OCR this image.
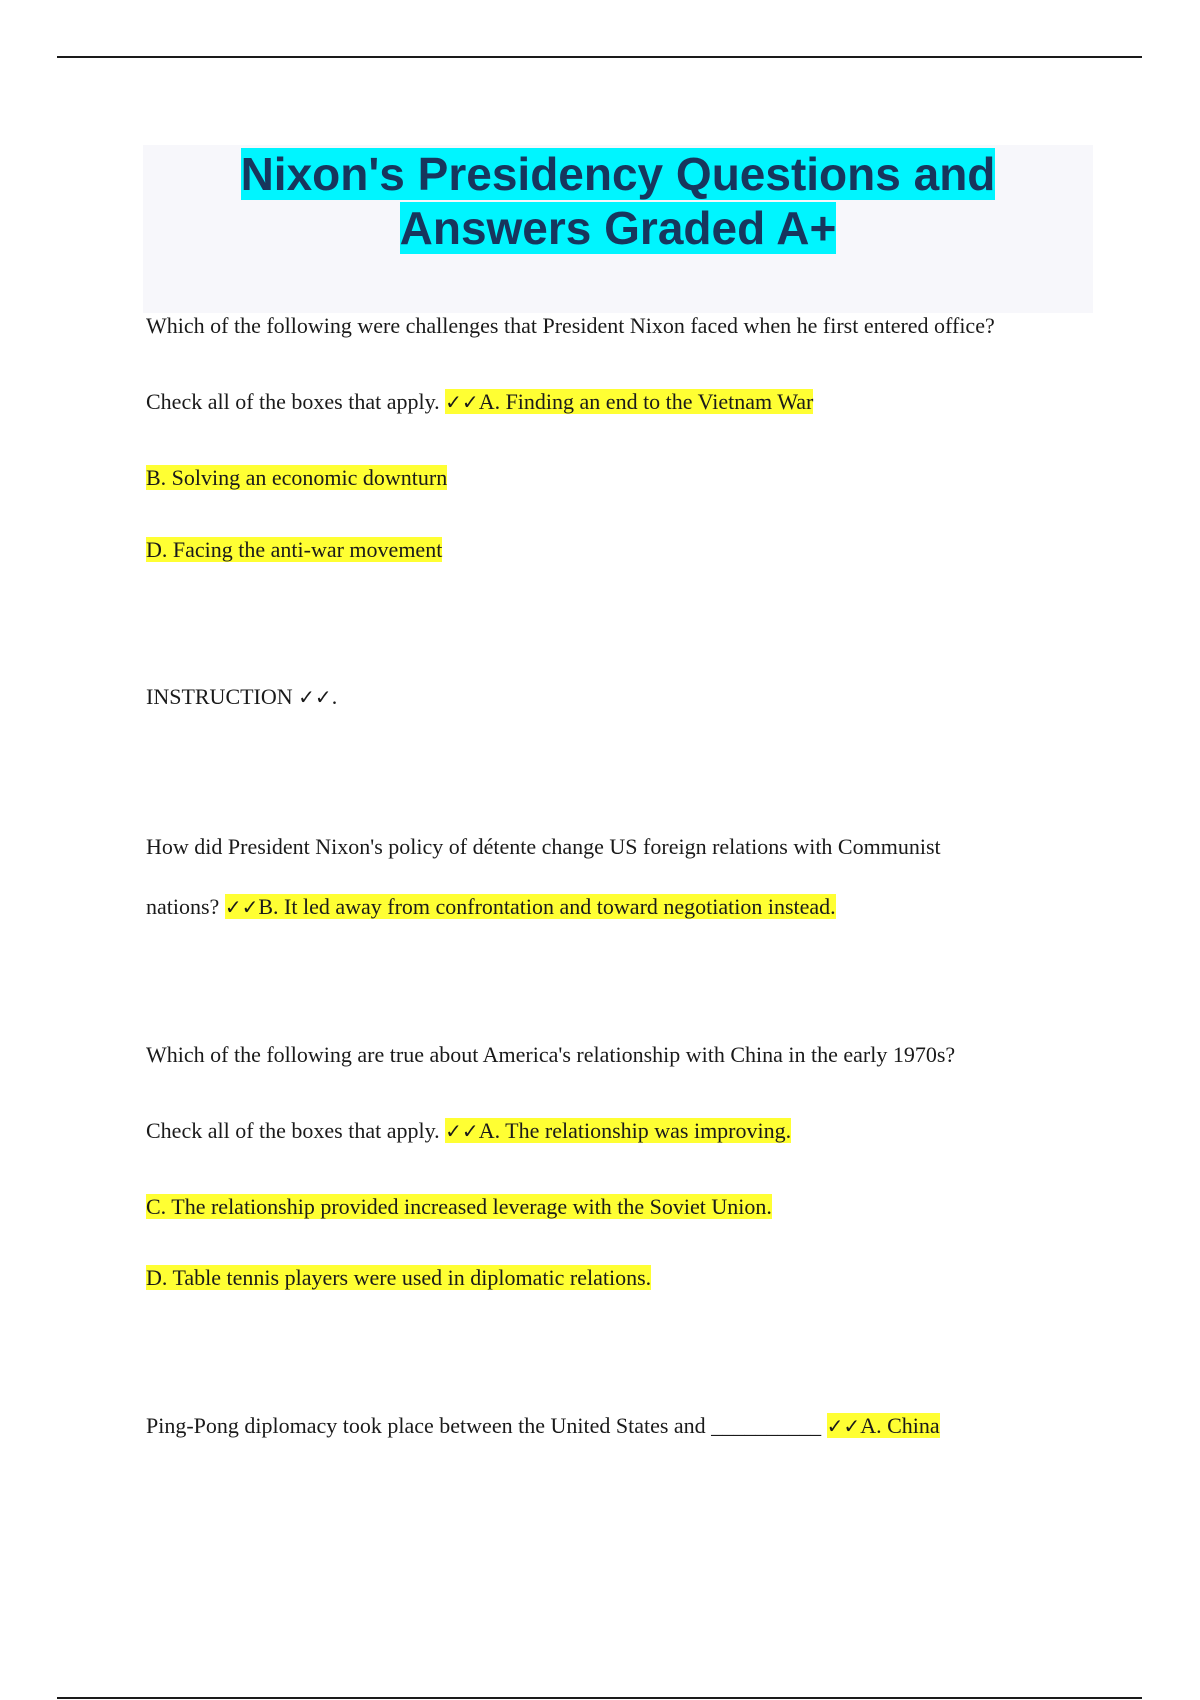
Nixon's Presidency Questions and
Answers Graded A+
Which of the following were challenges that President Nixon faced when he first entered office?
Check all of the boxes that apply. ✓✓A. Finding an end to the Vietnam War
B. Solving an economic downturn
D. Facing the anti-war movement
INSTRUCTION ✓✓.
How did President Nixon's policy of détente change US foreign relations with Communist
nations? ✓✓B. It led away from confrontation and toward negotiation instead.
Which of the following are true about America's relationship with China in the early 1970s?
Check all of the boxes that apply. ✓✓A. The relationship was improving.
C. The relationship provided increased leverage with the Soviet Union.
D. Table tennis players were used in diplomatic relations.
Ping-Pong diplomacy took place between the United States and __________ ✓✓A. China
